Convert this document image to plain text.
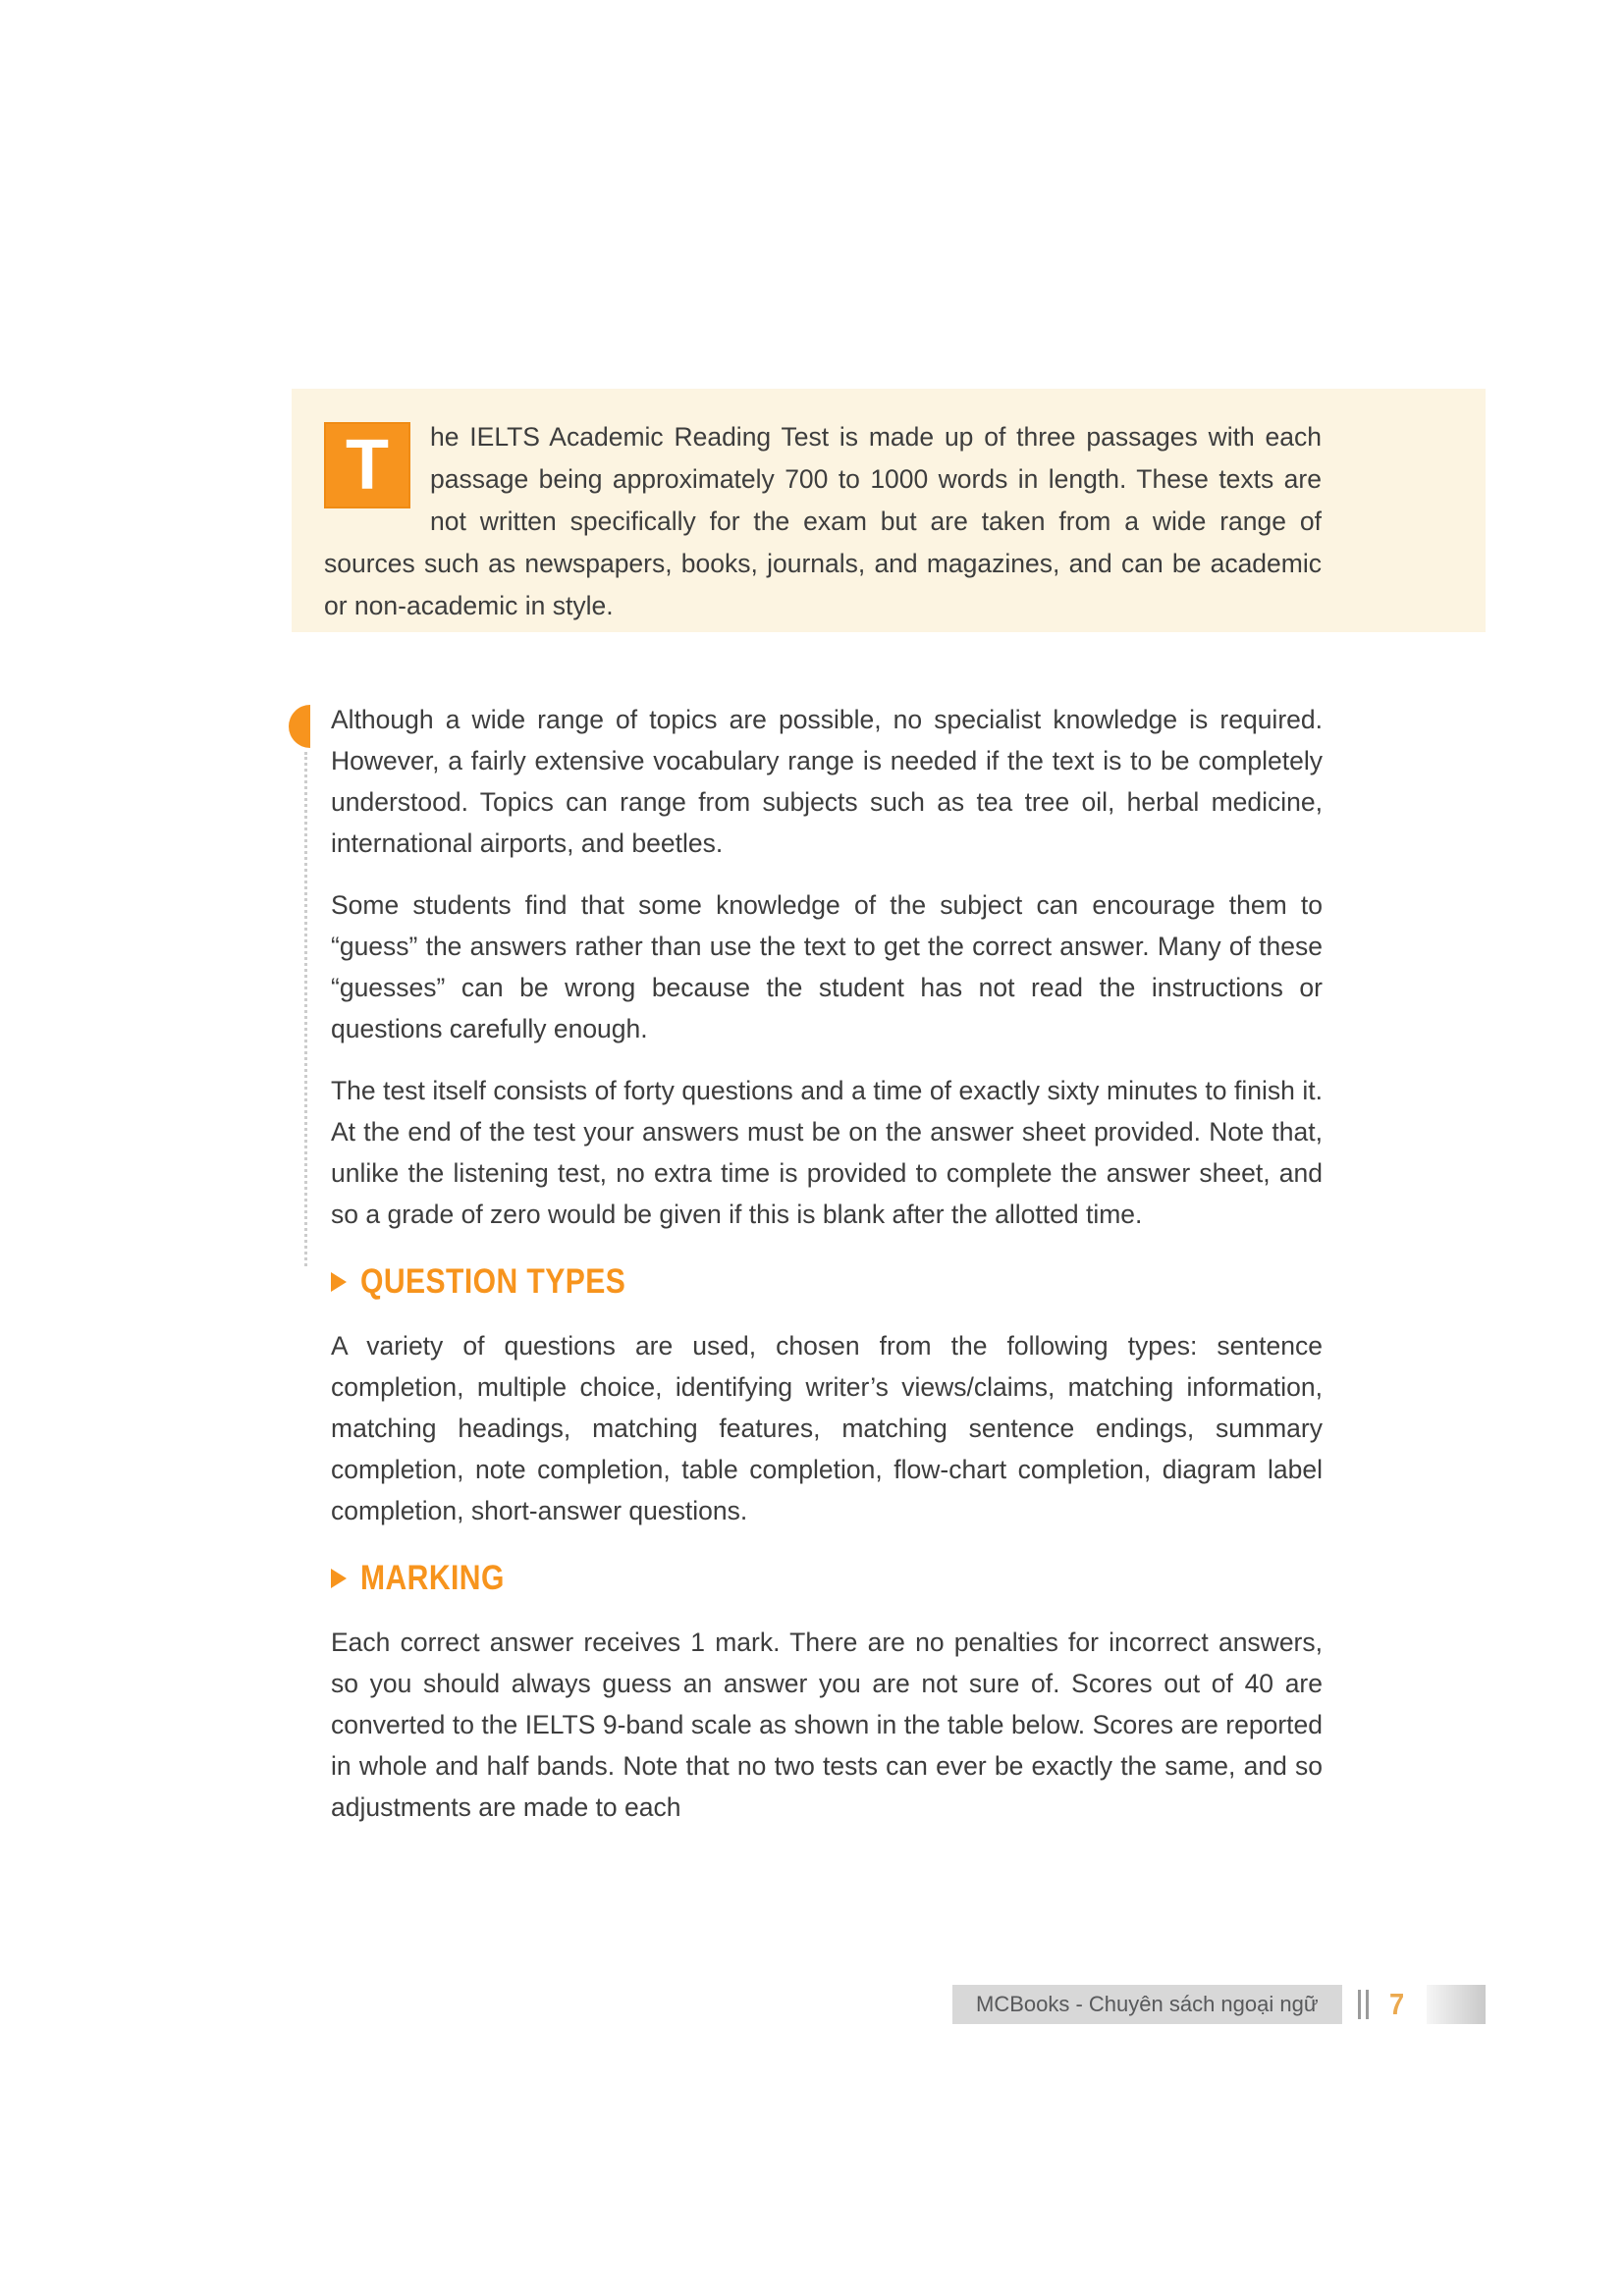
T	he IELTS Academic Reading Test is made up of three passages with each passage being approximately 700 to 1000 words in length. These texts are not written specifically for the exam but are taken from a wide range of sources such as newspapers, books, journals, and magazines, and can be academic or non-academic in style.

Although a wide range of topics are possible, no specialist knowledge is required. However, a fairly extensive vocabulary range is needed if the text is to be completely understood. Topics can range from subjects such as tea tree oil, herbal medicine, international airports, and beetles.

Some students find that some knowledge of the subject can encourage them to “guess” the answers rather than use the text to get the correct answer. Many of these “guesses” can be wrong because the student has not read the instructions or questions carefully enough.

The test itself consists of forty questions and a time of exactly sixty minutes to finish it. At the end of the test your answers must be on the answer sheet provided. Note that, unlike the listening test, no extra time is provided to complete the answer sheet, and so a grade of zero would be given if this is blank after the allotted time.

QUESTION TYPES

A variety of questions are used, chosen from the following types: sentence completion, multiple choice, identifying writer’s views/claims, matching information, matching headings, matching features, matching sentence endings, summary completion, note completion, table completion, flow-chart completion, diagram label completion, short-answer questions.

MARKING

Each correct answer receives 1 mark. There are no penalties for incorrect answers, so you should always guess an answer you are not sure of. Scores out of 40 are converted to the IELTS 9-band scale as shown in the table below. Scores are reported in whole and half bands. Note that no two tests can ever be exactly the same, and so adjustments are made to each

MCBooks - Chuyên sách ngoại ngữ	7
